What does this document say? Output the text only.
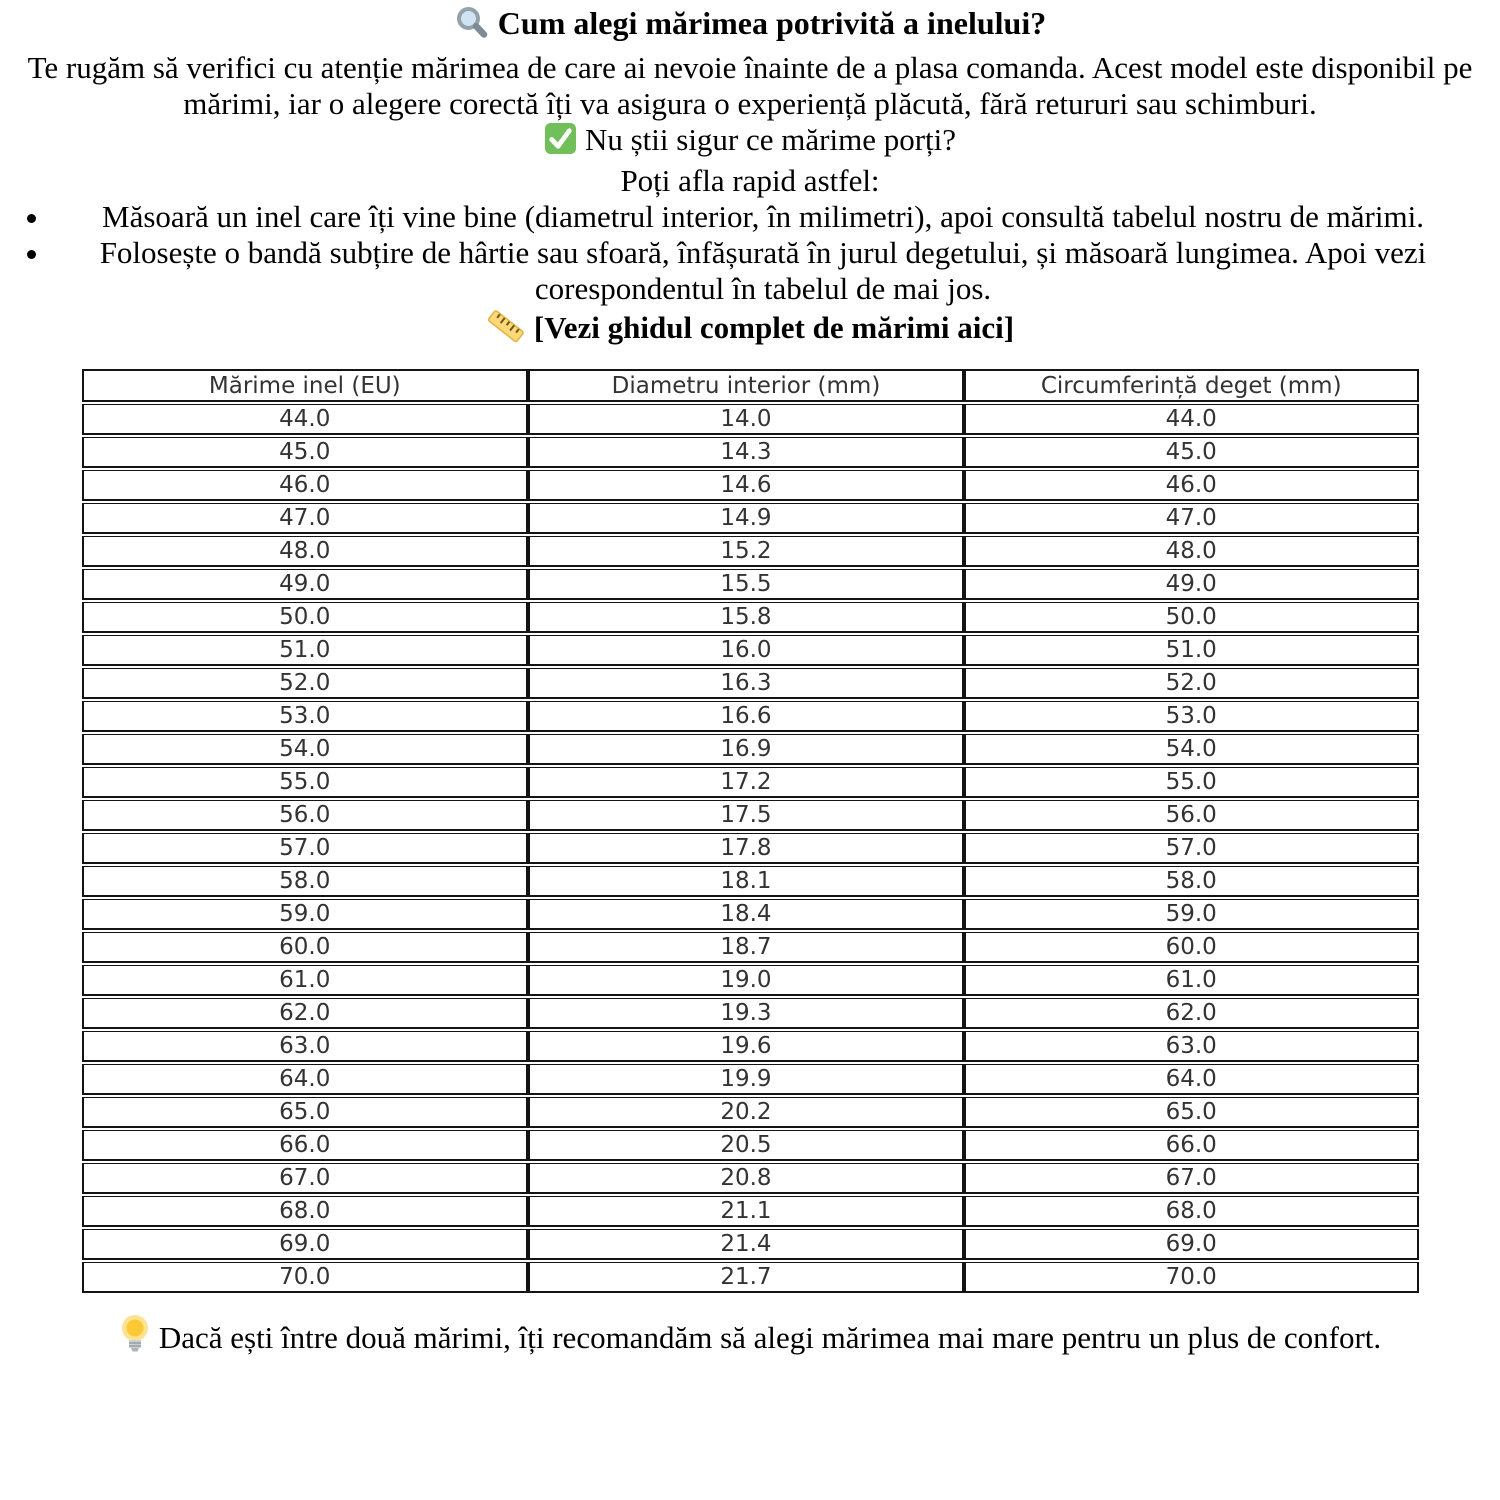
Cum alegi mărimea potrivită a inelului?

Te rugăm să verifici cu atenție mărimea de care ai nevoie înainte de a plasa comanda. Acest model este disponibil pe mărimi, iar o alegere corectă îți va asigura o experiență plăcută, fără retururi sau schimburi.

Nu știi sigur ce mărime porți?

Poți afla rapid astfel:

• Măsoară un inel care îți vine bine (diametrul interior, în milimetri), apoi consultă tabelul nostru de mărimi.
• Folosește o bandă subțire de hârtie sau sfoară, înfășurată în jurul degetului, și măsoară lungimea. Apoi vezi corespondentul în tabelul de mai jos.

[Vezi ghidul complet de mărimi aici]

Mărime inel (EU)	Diametru interior (mm)	Circumferință deget (mm)
44.0	14.0	44.0
45.0	14.3	45.0
46.0	14.6	46.0
47.0	14.9	47.0
48.0	15.2	48.0
49.0	15.5	49.0
50.0	15.8	50.0
51.0	16.0	51.0
52.0	16.3	52.0
53.0	16.6	53.0
54.0	16.9	54.0
55.0	17.2	55.0
56.0	17.5	56.0
57.0	17.8	57.0
58.0	18.1	58.0
59.0	18.4	59.0
60.0	18.7	60.0
61.0	19.0	61.0
62.0	19.3	62.0
63.0	19.6	63.0
64.0	19.9	64.0
65.0	20.2	65.0
66.0	20.5	66.0
67.0	20.8	67.0
68.0	21.1	68.0
69.0	21.4	69.0
70.0	21.7	70.0

Dacă ești între două mărimi, îți recomandăm să alegi mărimea mai mare pentru un plus de confort.
